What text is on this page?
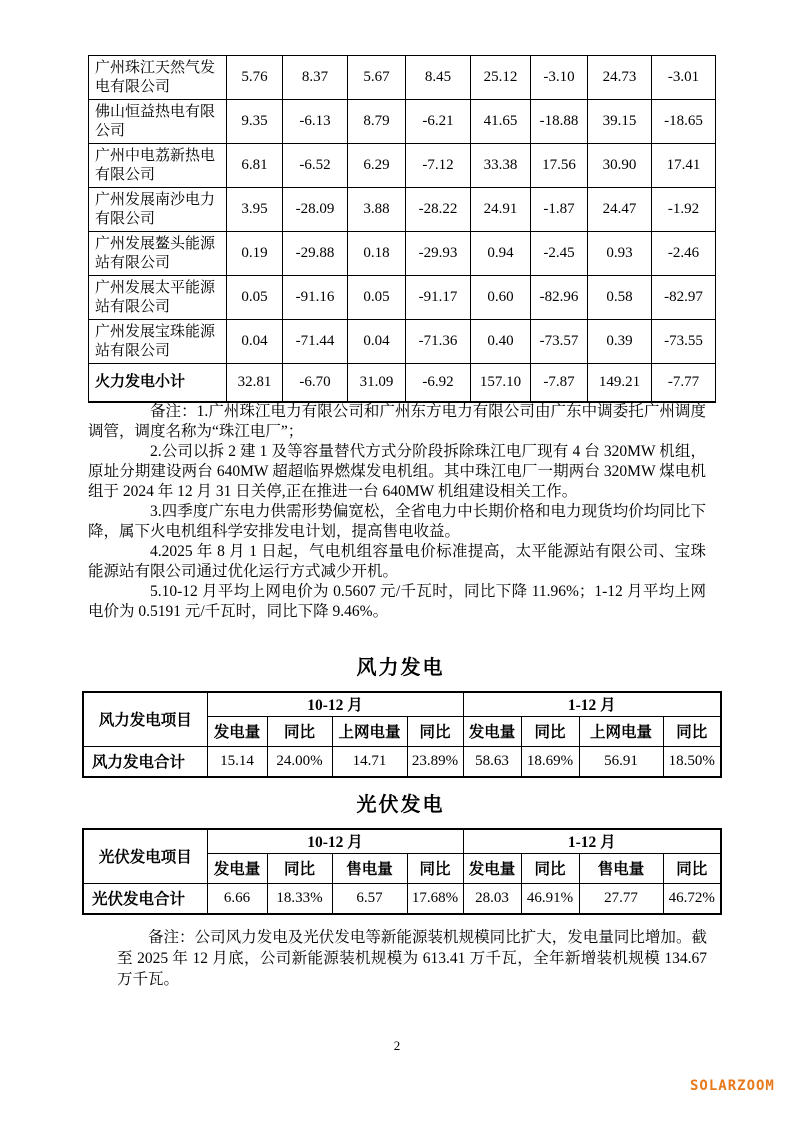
广州珠江天然气发电有限公司	5.76	8.37	5.67	8.45	25.12	-3.10	24.73	-3.01
佛山恒益热电有限公司	9.35	-6.13	8.79	-6.21	41.65	-18.88	39.15	-18.65
广州中电荔新热电有限公司	6.81	-6.52	6.29	-7.12	33.38	17.56	30.90	17.41
广州发展南沙电力有限公司	3.95	-28.09	3.88	-28.22	24.91	-1.87	24.47	-1.92
广州发展鳌头能源站有限公司	0.19	-29.88	0.18	-29.93	0.94	-2.45	0.93	-2.46
广州发展太平能源站有限公司	0.05	-91.16	0.05	-91.17	0.60	-82.96	0.58	-82.97
广州发展宝珠能源站有限公司	0.04	-71.44	0.04	-71.36	0.40	-73.57	0.39	-73.55
火力发电小计	32.81	-6.70	31.09	-6.92	157.10	-7.87	149.21	-7.77

备注：1.广州珠江电力有限公司和广州东方电力有限公司由广东中调委托广州调度调管，调度名称为“珠江电厂”；

2.公司以拆 2 建 1 及等容量替代方式分阶段拆除珠江电厂现有 4 台 320MW 机组，原址分期建设两台 640MW 超超临界燃煤发电机组。其中珠江电厂一期两台 320MW 煤电机组于 2024 年 12 月 31 日关停,正在推进一台 640MW 机组建设相关工作。

3.四季度广东电力供需形势偏宽松，全省电力中长期价格和电力现货均价均同比下降，属下火电机组科学安排发电计划，提高售电收益。

4.2025 年 8 月 1 日起，气电机组容量电价标准提高，太平能源站有限公司、宝珠能源站有限公司通过优化运行方式减少开机。

5.10-12 月平均上网电价为 0.5607 元/千瓦时，同比下降 11.96%；1-12 月平均上网电价为 0.5191 元/千瓦时，同比下降 9.46%。

风力发电
风力发电项目	10-12 月				1-12 月			
	发电量	同比	上网电量	同比	发电量	同比	上网电量	同比
风力发电合计	15.14	24.00%	14.71	23.89%	58.63	18.69%	56.91	18.50%
光伏发电
光伏发电项目	10-12 月				1-12 月			
	发电量	同比	售电量	同比	发电量	同比	售电量	同比
光伏发电合计	6.66	18.33%	6.57	17.68%	28.03	46.91%	27.77	46.72%

备注：公司风力发电及光伏发电等新能源装机规模同比扩大，发电量同比增加。截至 2025 年 12 月底，公司新能源装机规模为 613.41 万千瓦，全年新增装机规模 134.67 万千瓦。

2
SOLARZOOM
